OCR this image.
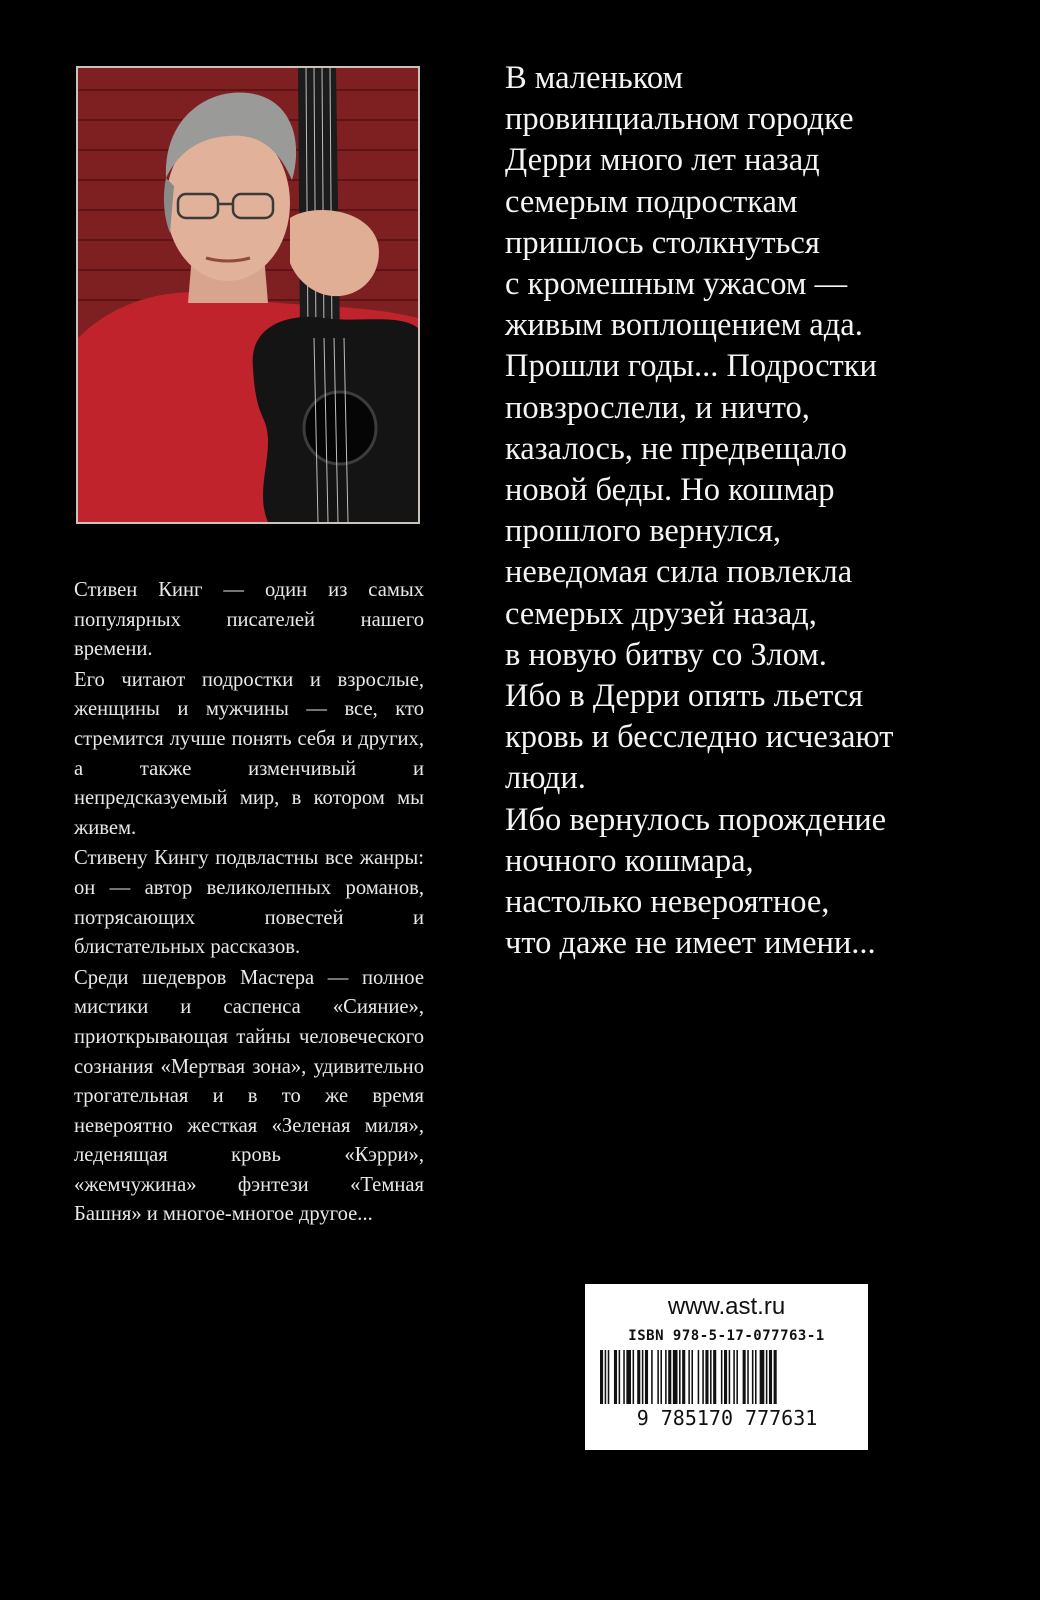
Стивен Кинг — один из самых популярных писателей нашего времени.

Его читают подростки и взрослые, женщины и мужчины — все, кто стремится лучше понять себя и других, а также изменчивый и непредсказуемый мир, в котором мы живем.

Стивену Кингу подвластны все жанры: он — автор великолепных романов, потрясающих повестей и блистательных рассказов.

Среди шедевров Мастера — полное мистики и саспенса «Сияние», приоткрывающая тайны человеческого сознания «Мертвая зона», удивительно трогательная и в то же время невероятно жесткая «Зеленая миля», леденящая кровь «Кэрри», «жемчужина» фэнтези «Темная Башня» и многое-многое другое...

В маленьком
провинциальном городке
Дерри много лет назад
семерым подросткам
пришлось столкнуться
с кромешным ужасом —
живым воплощением ада.
Прошли годы... Подростки
повзрослели, и ничто,
казалось, не предвещало
новой беды. Но кошмар
прошлого вернулся,
неведомая сила повлекла
семерых друзей назад,
в новую битву со Злом.
Ибо в Дерри опять льется
кровь и бесследно исчезают
люди.
Ибо вернулось порождение
ночного кошмара,
настолько невероятное,
что даже не имеет имени...
www.ast.ru
ISBN 978-5-17-077763-1
9 785170 777631
